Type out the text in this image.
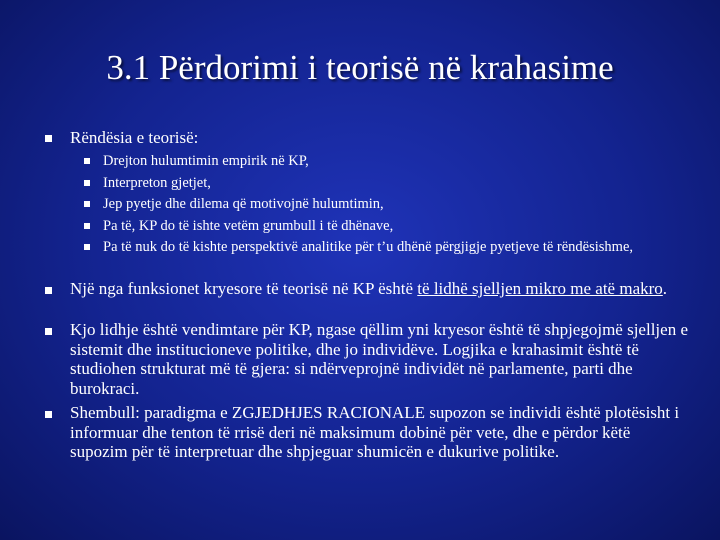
3.1 Përdorimi i teorisë në krahasime
Rëndësia e teorisë:
Drejton hulumtimin empirik në KP,
Interpreton gjetjet,
Jep pyetje dhe dilema që motivojnë hulumtimin,
Pa të, KP do të ishte vetëm grumbull i të dhënave,
Pa të nuk do të kishte perspektivë analitike për t’u dhënë përgjigje pyetjeve të rëndësishme,
Një nga funksionet kryesore të teorisë në KP është të lidhë sjelljen mikro me atë makro.
Kjo lidhje është vendimtare për KP, ngase qëllim yni kryesor është të shpjegojmë sjelljen e sistemit dhe institucioneve politike, dhe jo individëve. Logjika e krahasimit është të studiohen strukturat më të gjera: si ndërveprojnë individët në parlamente, parti dhe burokraci.
Shembull: paradigma e ZGJEDHJES RACIONALE supozon se individi është plotësisht i informuar dhe tenton të rrisë deri në maksimum dobinë për vete, dhe e përdor këtë supozim për të interpretuar dhe shpjeguar shumicën e dukurive politike.
